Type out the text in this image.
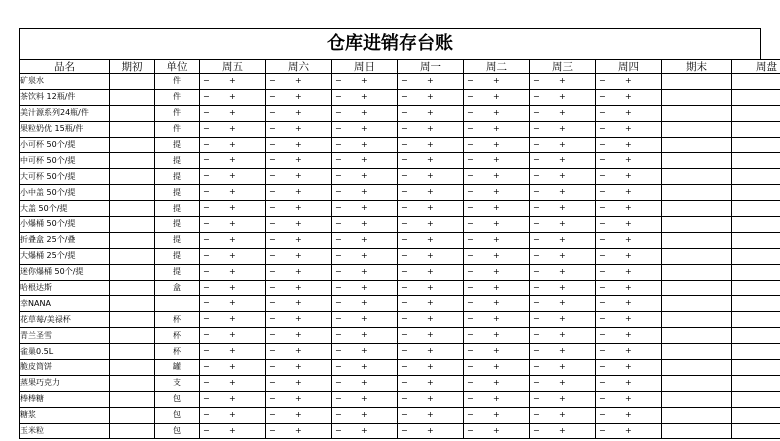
仓库进销存台账
品名	期初	单位	周五	周六	周日	周一	周二	周三	周四	期末	周盘
矿泉水		件	− +	− +	− +	− +	− +	− +	− +		

茶饮料 12瓶/件		件	− +	− +	− +	− +	− +	− +	− +		

美汁源系列24瓶/件		件	− +	− +	− +	− +	− +	− +	− +		

果粒奶优 15瓶/件		件	− +	− +	− +	− +	− +	− +	− +		

小可杯 50个/提		提	− +	− +	− +	− +	− +	− +	− +		

中可杯 50个/提		提	− +	− +	− +	− +	− +	− +	− +		

大可杯 50个/提		提	− +	− +	− +	− +	− +	− +	− +		

小中盖 50个/提		提	− +	− +	− +	− +	− +	− +	− +		

大盖 50个/提		提	− +	− +	− +	− +	− +	− +	− +		

小爆桶 50个/提		提	− +	− +	− +	− +	− +	− +	− +		

折叠盒 25个/叠		提	− +	− +	− +	− +	− +	− +	− +		

大爆桶 25个/提		提	− +	− +	− +	− +	− +	− +	− +		

迷你爆桶 50个/提		提	− +	− +	− +	− +	− +	− +	− +		

哈根达斯		盒	− +	− +	− +	− +	− +	− +	− +		

幸NANA			− +	− +	− +	− +	− +	− +	− +		

花草莓/美禄杯		杯	− +	− +	− +	− +	− +	− +	− +		

青兰圣雪		杯	− +	− +	− +	− +	− +	− +	− +		

雀巢0.5L		杯	− +	− +	− +	− +	− +	− +	− +		

脆皮筒饼		罐	− +	− +	− +	− +	− +	− +	− +		

蒸果巧克力		支	− +	− +	− +	− +	− +	− +	− +		

棒棒糖		包	− +	− +	− +	− +	− +	− +	− +		

糖浆		包	− +	− +	− +	− +	− +	− +	− +		

玉米粒		包	− +	− +	− +	− +	− +	− +	− +		
